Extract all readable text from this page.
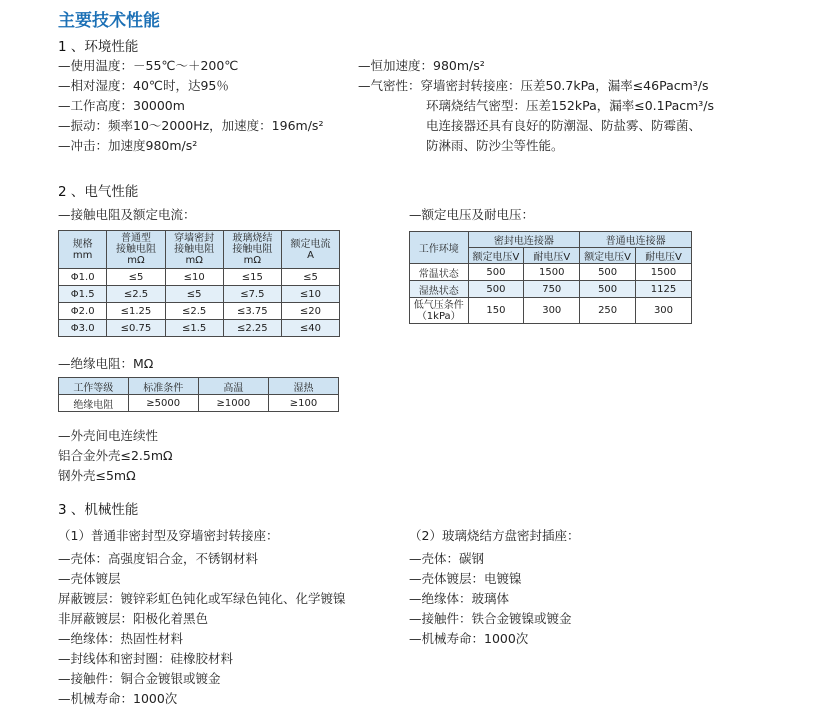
主要技术性能
1 、环境性能
—使用温度：－55℃～＋200℃
—相对湿度：40℃时，达95％
—工作高度：30000m
—振动：频率10～2000Hz，加速度：196m/s²
—冲击：加速度980m/s²
—恒加速度：980m/s²
—气密性：穿墙密封转接座：压差50.7kPa，漏率≤46Pacm³/s
环璃烧结气密型：压差152kPa，漏率≤0.1Pacm³/s
电连接器还具有良好的防潮湿、防盐雾、防霉菌、
防淋雨、防沙尘等性能。
2 、电气性能
—接触电阻及额定电流：
规格
mm	普通型
接触电阻
mΩ	穿墙密封
接触电阻
mΩ	玻璃烧结
接触电阻
mΩ	额定电流
A
Φ1.0	≤5	≤10	≤15	≤5
Φ1.5	≤2.5	≤5	≤7.5	≤10
Φ2.0	≤1.25	≤2.5	≤3.75	≤20
Φ3.0	≤0.75	≤1.5	≤2.25	≤40
—额定电压及耐电压：
工作环境	密封电连接器		普通电连接器	
	额定电压V	耐电压V	额定电压V	耐电压V
常温状态	500	1500	500	1500
湿热状态	500	750	500	1125
低气压条件
（1kPa）	150	300	250	300
—绝缘电阻：MΩ
工作等级	标准条件	高温	湿热
绝缘电阻	≥5000	≥1000	≥100
—外壳间电连续性
铝合金外壳≤2.5mΩ
钢外壳≤5mΩ
3 、机械性能
（1）普通非密封型及穿墙密封转接座：
—壳体：高强度铝合金，不锈钢材料
—壳体镀层
屏蔽镀层：镀锌彩虹色钝化或军绿色钝化、化学镀镍
非屏蔽镀层：阳极化着黑色
—绝缘体：热固性材料
—封线体和密封圈：硅橡胶材料
—接触件：铜合金镀银或镀金
—机械寿命：1000次
（2）玻璃烧结方盘密封插座：
—壳体：碳钢
—壳体镀层：电镀镍
—绝缘体：玻璃体
—接触件：铁合金镀镍或镀金
—机械寿命：1000次
